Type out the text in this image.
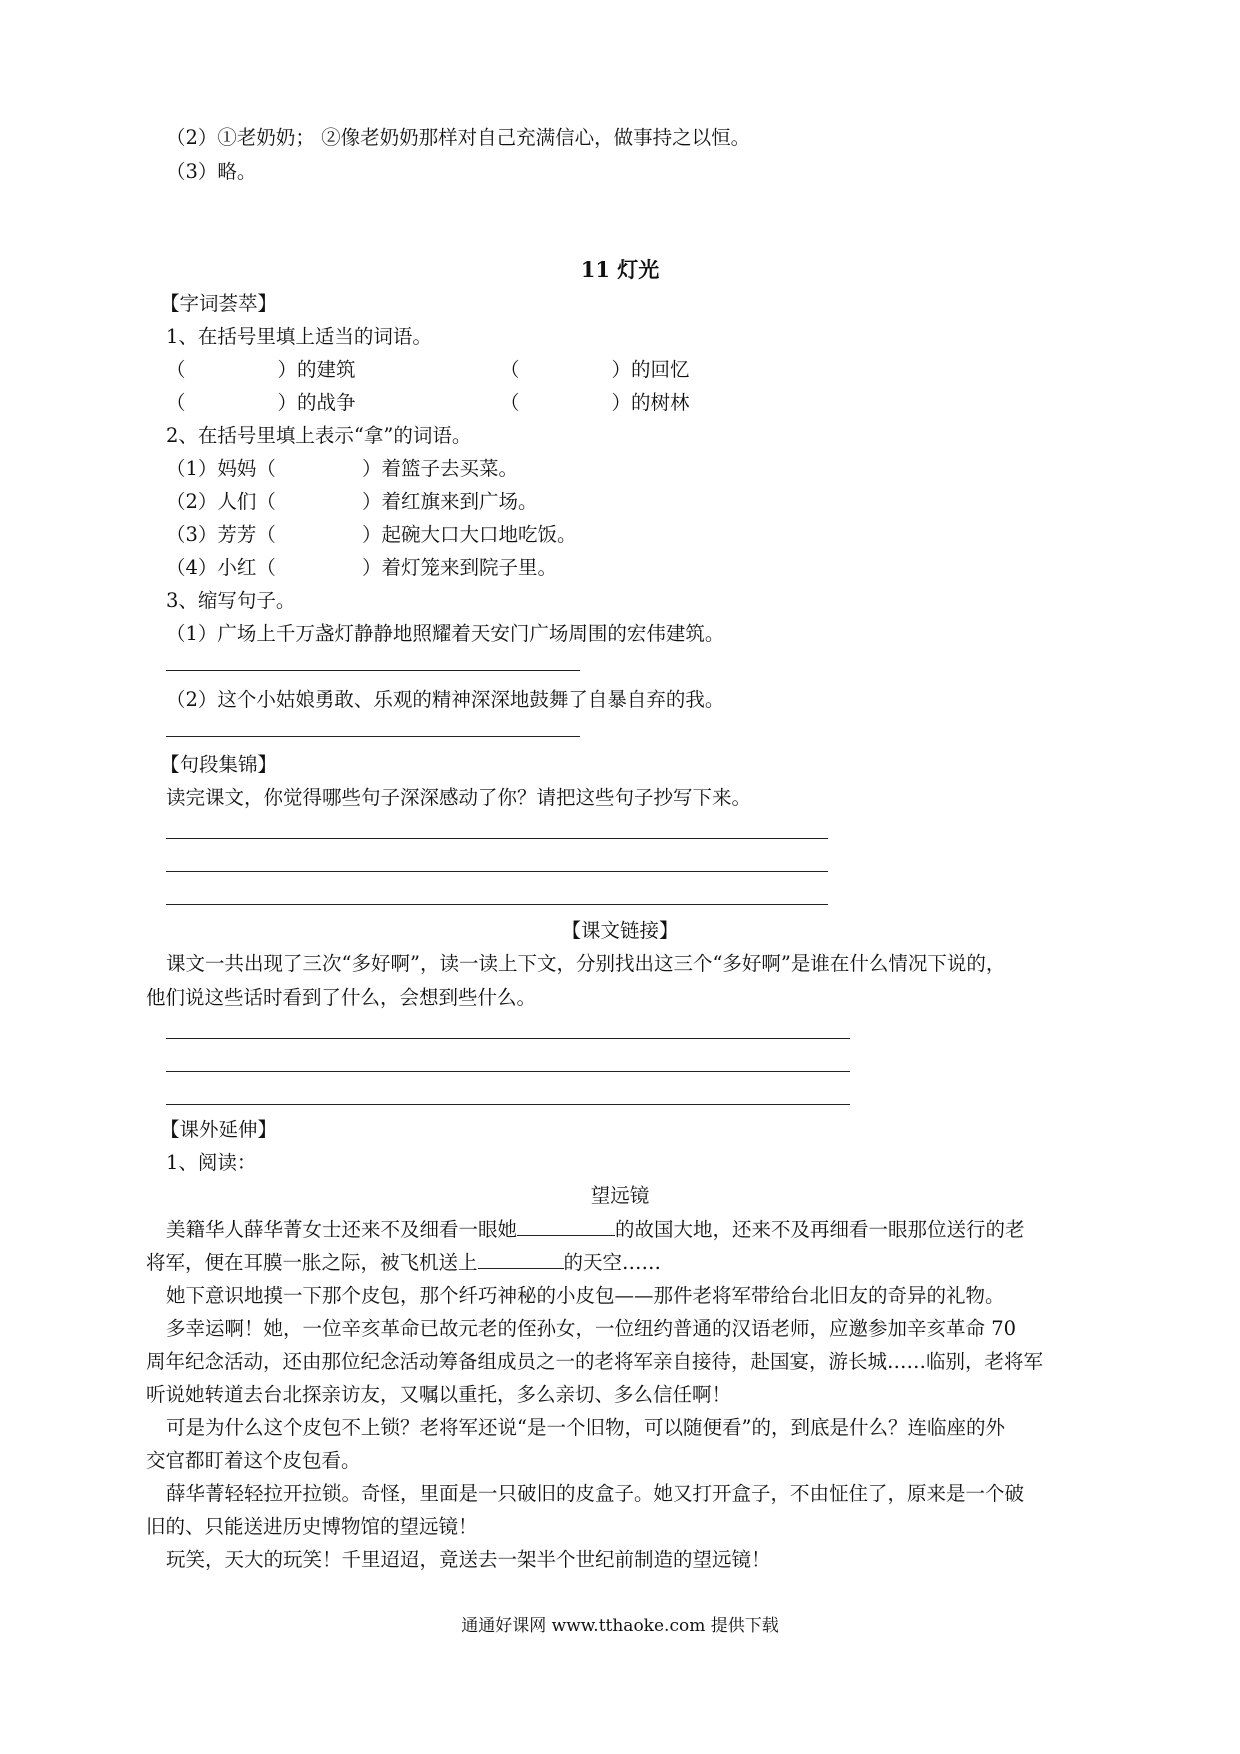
（2）①老奶奶； ②像老奶奶那样对自己充满信心，做事持之以恒。
（3）略。
11 灯光
【字词荟萃】
1、在括号里填上适当的词语。
（	）的建筑	（	）的回忆
（	）的战争	（	）的树林
2、在括号里填上表示“拿”的词语。
（1）妈妈（	）着篮子去买菜。
（2）人们（	）着红旗来到广场。
（3）芳芳（	）起碗大口大口地吃饭。
（4）小红（	）着灯笼来到院子里。
3、缩写句子。
（1）广场上千万盏灯静静地照耀着天安门广场周围的宏伟建筑。
（2）这个小姑娘勇敢、乐观的精神深深地鼓舞了自暴自弃的我。
【句段集锦】
读完课文，你觉得哪些句子深深感动了你？请把这些句子抄写下来。
【课文链接】
课文一共出现了三次“多好啊”，读一读上下文，分别找出这三个“多好啊”是谁在什么情况下说的，
他们说这些话时看到了什么，会想到些什么。
【课外延伸】
1、阅读：
望远镜
美籍华人薛华菁女士还来不及细看一眼她	的故国大地，还来不及再细看一眼那位送行的老
将军，便在耳膜一胀之际，被飞机送上	的天空……
她下意识地摸一下那个皮包，那个纤巧神秘的小皮包——那件老将军带给台北旧友的奇异的礼物。
多幸运啊！她，一位辛亥革命已故元老的侄孙女，一位纽约普通的汉语老师，应邀参加辛亥革命 70
周年纪念活动，还由那位纪念活动筹备组成员之一的老将军亲自接待，赴国宴，游长城……临别，老将军
听说她转道去台北探亲访友，又嘱以重托，多么亲切、多么信任啊！
可是为什么这个皮包不上锁？老将军还说“是一个旧物，可以随便看”的，到底是什么？连临座的外
交官都盯着这个皮包看。
薛华菁轻轻拉开拉锁。奇怪，里面是一只破旧的皮盒子。她又打开盒子，不由怔住了，原来是一个破
旧的、只能送进历史博物馆的望远镜！
玩笑，天大的玩笑！千里迢迢，竟送去一架半个世纪前制造的望远镜！
通通好课网 www.tthaoke.com 提供下载
